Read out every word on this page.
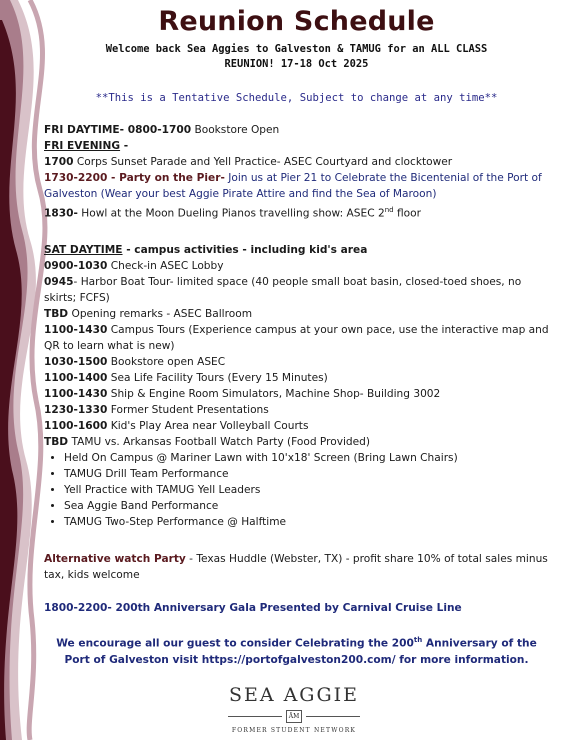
Reunion Schedule
Welcome back Sea Aggies to Galveston & TAMUG for an ALL CLASS
REUNION! 17-18 Oct 2025
**This is a Tentative Schedule, Subject to change at any time**
FRI DAYTIME- 0800-1700 Bookstore Open
FRI EVENING -
1700 Corps Sunset Parade and Yell Practice- ASEC Courtyard and clocktower
1730-2200 - Party on the Pier- Join us at Pier 21 to Celebrate the Bicentenial of the Port of Galveston (Wear your best Aggie Pirate Attire and find the Sea of Maroon)
1830- Howl at the Moon Dueling Pianos travelling show: ASEC 2nd floor
SAT DAYTIME - campus activities - including kid's area
0900-1030 Check-in ASEC Lobby
0945- Harbor Boat Tour- limited space (40 people small boat basin, closed-toed shoes, no skirts; FCFS)
TBD Opening remarks - ASEC Ballroom
1100-1430 Campus Tours (Experience campus at your own pace, use the interactive map and QR to learn what is new)
1030-1500 Bookstore open ASEC
1100-1400 Sea Life Facility Tours (Every 15 Minutes)
1100-1430 Ship & Engine Room Simulators, Machine Shop- Building 3002
1230-1330 Former Student Presentations
1100-1600 Kid's Play Area near Volleyball Courts
TBD TAMU vs. Arkansas Football Watch Party (Food Provided)
• Held On Campus @ Mariner Lawn with 10'x18' Screen (Bring Lawn Chairs)
• TAMUG Drill Team Performance
• Yell Practice with TAMUG Yell Leaders
• Sea Aggie Band Performance
• TAMUG Two-Step Performance @ Halftime
Alternative watch Party - Texas Huddle (Webster, TX) - profit share 10% of total sales minus tax, kids welcome
1800-2200- 200th Anniversary Gala Presented by Carnival Cruise Line
We encourage all our guest to consider Celebrating the 200th Anniversary of the Port of Galveston visit https://portofgalveston200.com/ for more information.
SEA AGGIE
ĀM
FORMER STUDENT NETWORK
